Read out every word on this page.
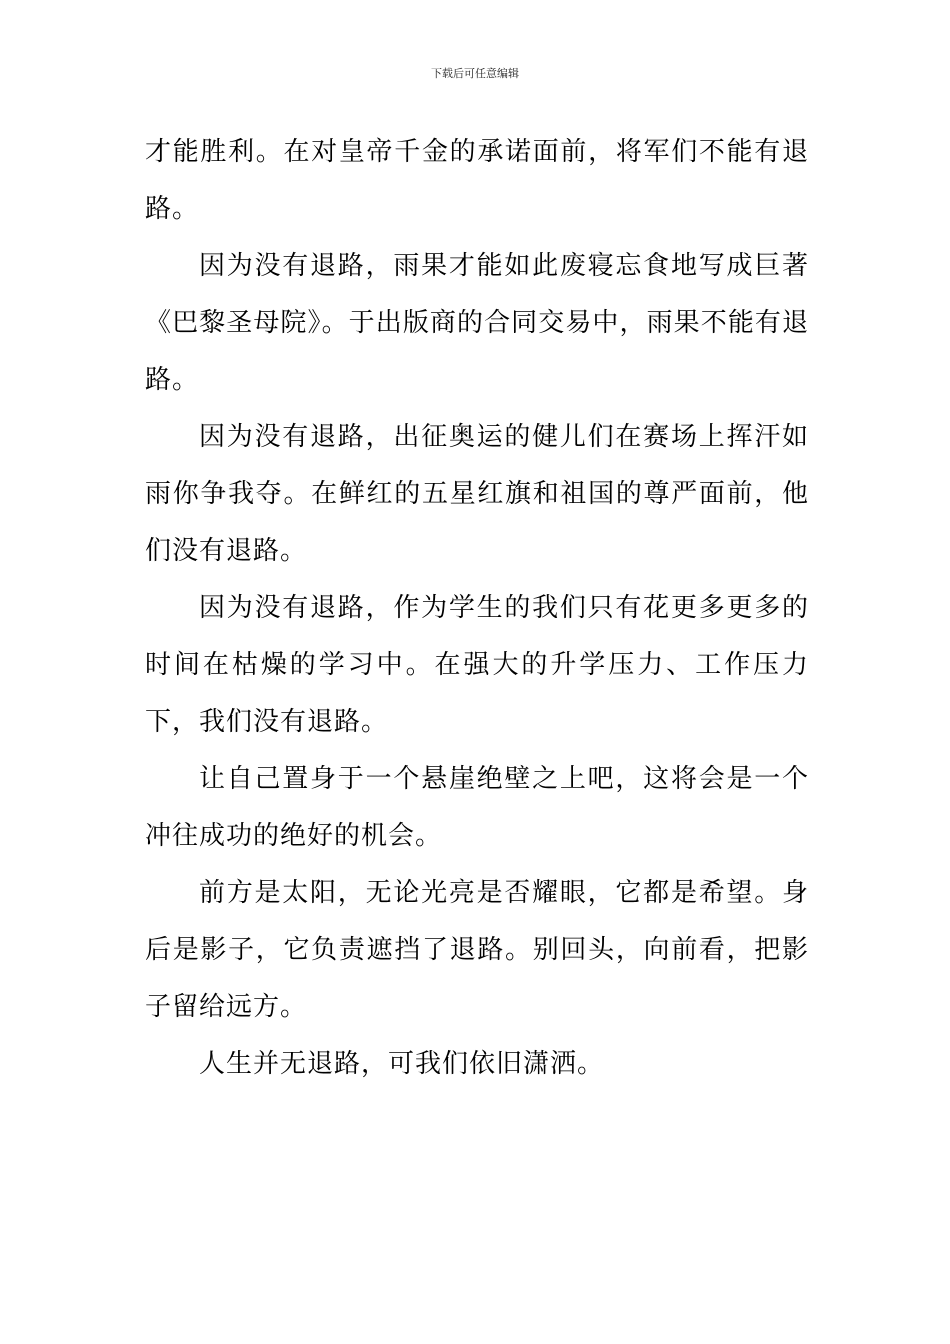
下载后可任意编辑

才能胜利。在对皇帝千金的承诺面前，将军们不能有退路。

因为没有退路，雨果才能如此废寝忘食地写成巨著《巴黎圣母院》。于出版商的合同交易中，雨果不能有退路。

因为没有退路，出征奥运的健儿们在赛场上挥汗如雨你争我夺。在鲜红的五星红旗和祖国的尊严面前，他们没有退路。

因为没有退路，作为学生的我们只有花更多更多的时间在枯燥的学习中。在强大的升学压力、工作压力下，我们没有退路。

让自己置身于一个悬崖绝壁之上吧，这将会是一个冲往成功的绝好的机会。

前方是太阳，无论光亮是否耀眼，它都是希望。身后是影子，它负责遮挡了退路。别回头，向前看，把影子留给远方。

人生并无退路，可我们依旧潇洒。
